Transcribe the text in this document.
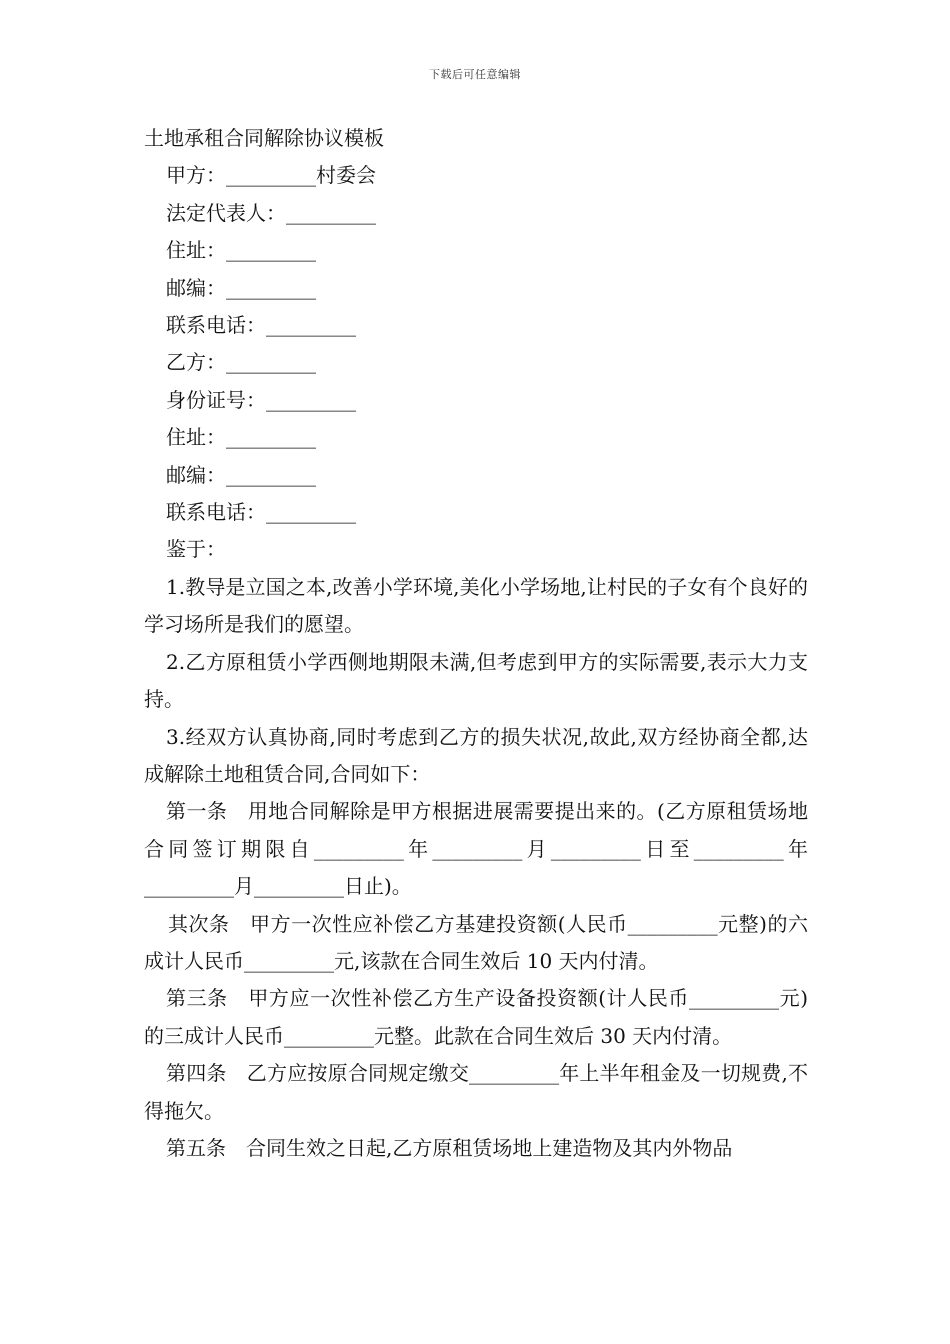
下载后可任意编辑

土地承租合同解除协议模板

甲方：_________村委会

法定代表人：_________

住址：_________

邮编：_________

联系电话：_________

乙方：_________

身份证号：_________

住址：_________

邮编：_________

联系电话：_________

鉴于：

1.教导是立国之本,改善小学环境,美化小学场地,让村民的子女有个良好的学习场所是我们的愿望。

2.乙方原租赁小学西侧地期限未满,但考虑到甲方的实际需要,表示大力支持。

3.经双方认真协商,同时考虑到乙方的损失状况,故此,双方经协商全都,达成解除土地租赁合同,合同如下：

第一条　用地合同解除是甲方根据进展需要提出来的。(乙方原租赁场地合同签订期限自_________年_________月_________日至_________年_________月_________日止)。

其次条　甲方一次性应补偿乙方基建投资额(人民币_________元整)的六成计人民币_________元,该款在合同生效后 10 天内付清。

第三条　甲方应一次性补偿乙方生产设备投资额(计人民币_________元)的三成计人民币_________元整。此款在合同生效后 30 天内付清。

第四条　乙方应按原合同规定缴交_________年上半年租金及一切规费,不得拖欠。

第五条　合同生效之日起,乙方原租赁场地上建造物及其内外物品
